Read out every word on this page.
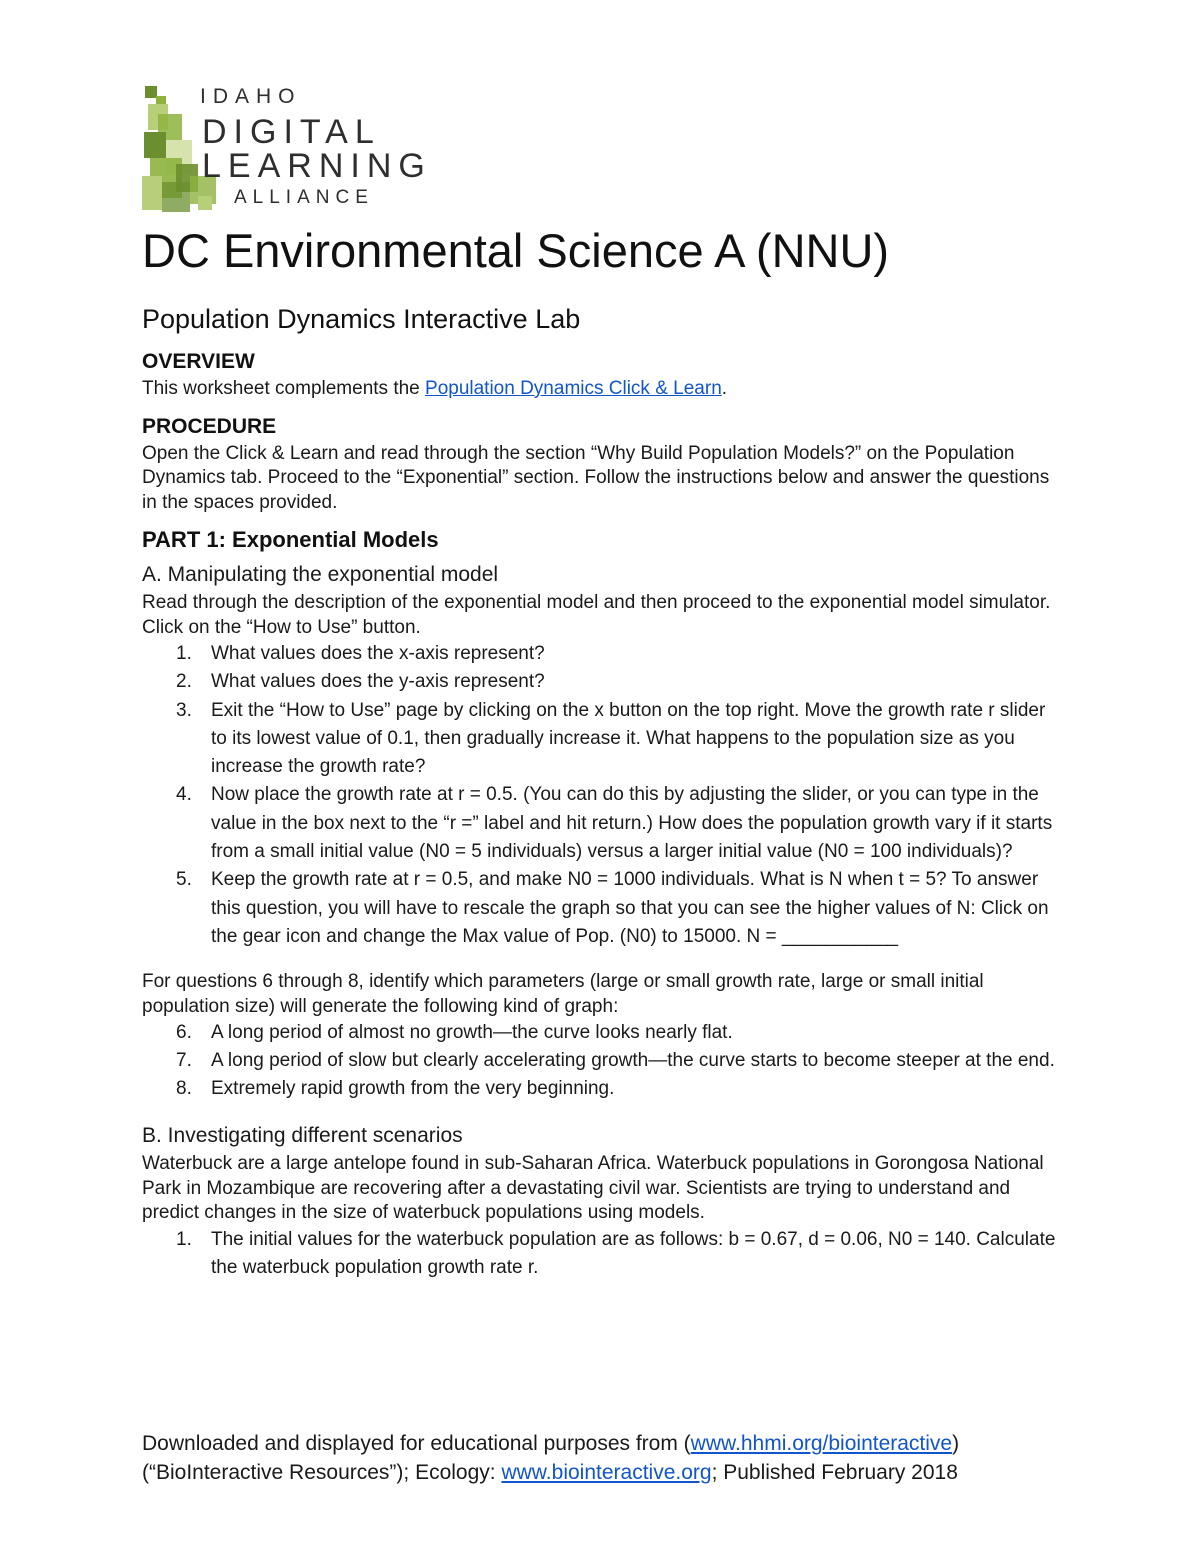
IDAHO
DIGITAL
LEARNING
ALLIANCE
DC Environmental Science A (NNU)
Population Dynamics Interactive Lab
OVERVIEW

This worksheet complements the Population Dynamics Click & Learn.

PROCEDURE

Open the Click & Learn and read through the section “Why Build Population Models?” on the Population Dynamics tab. Proceed to the “Exponential” section. Follow the instructions below and answer the questions in the spaces provided.

PART 1: Exponential Models
A. Manipulating the exponential model

Read through the description of the exponential model and then proceed to the exponential model simulator. Click on the “How to Use” button.

1. What values does the x-axis represent?
2. What values does the y-axis represent?
3. Exit the “How to Use” page by clicking on the x button on the top right. Move the growth rate r slider to its lowest value of 0.1, then gradually increase it. What happens to the population size as you increase the growth rate?
4. Now place the growth rate at r = 0.5. (You can do this by adjusting the slider, or you can type in the value in the box next to the “r =” label and hit return.) How does the population growth vary if it starts from a small initial value (N0 = 5 individuals) versus a larger initial value (N0 = 100 individuals)?
5. Keep the growth rate at r = 0.5, and make N0 = 1000 individuals. What is N when t = 5? To answer this question, you will have to rescale the graph so that you can see the higher values of N: Click on the gear icon and change the Max value of Pop. (N0) to 15000. N = ___________

For questions 6 through 8, identify which parameters (large or small growth rate, large or small initial population size) will generate the following kind of graph:

6. A long period of almost no growth—the curve looks nearly flat.
7. A long period of slow but clearly accelerating growth—the curve starts to become steeper at the end.
8. Extremely rapid growth from the very beginning.
B. Investigating different scenarios

Waterbuck are a large antelope found in sub-Saharan Africa. Waterbuck populations in Gorongosa National Park in Mozambique are recovering after a devastating civil war. Scientists are trying to understand and predict changes in the size of waterbuck populations using models.

1. The initial values for the waterbuck population are as follows: b = 0.67, d = 0.06, N0 = 140. Calculate the waterbuck population growth rate r.
Downloaded and displayed for educational purposes from (www.hhmi.org/biointeractive)
(“BioInteractive Resources”); Ecology: www.biointeractive.org; Published February 2018
